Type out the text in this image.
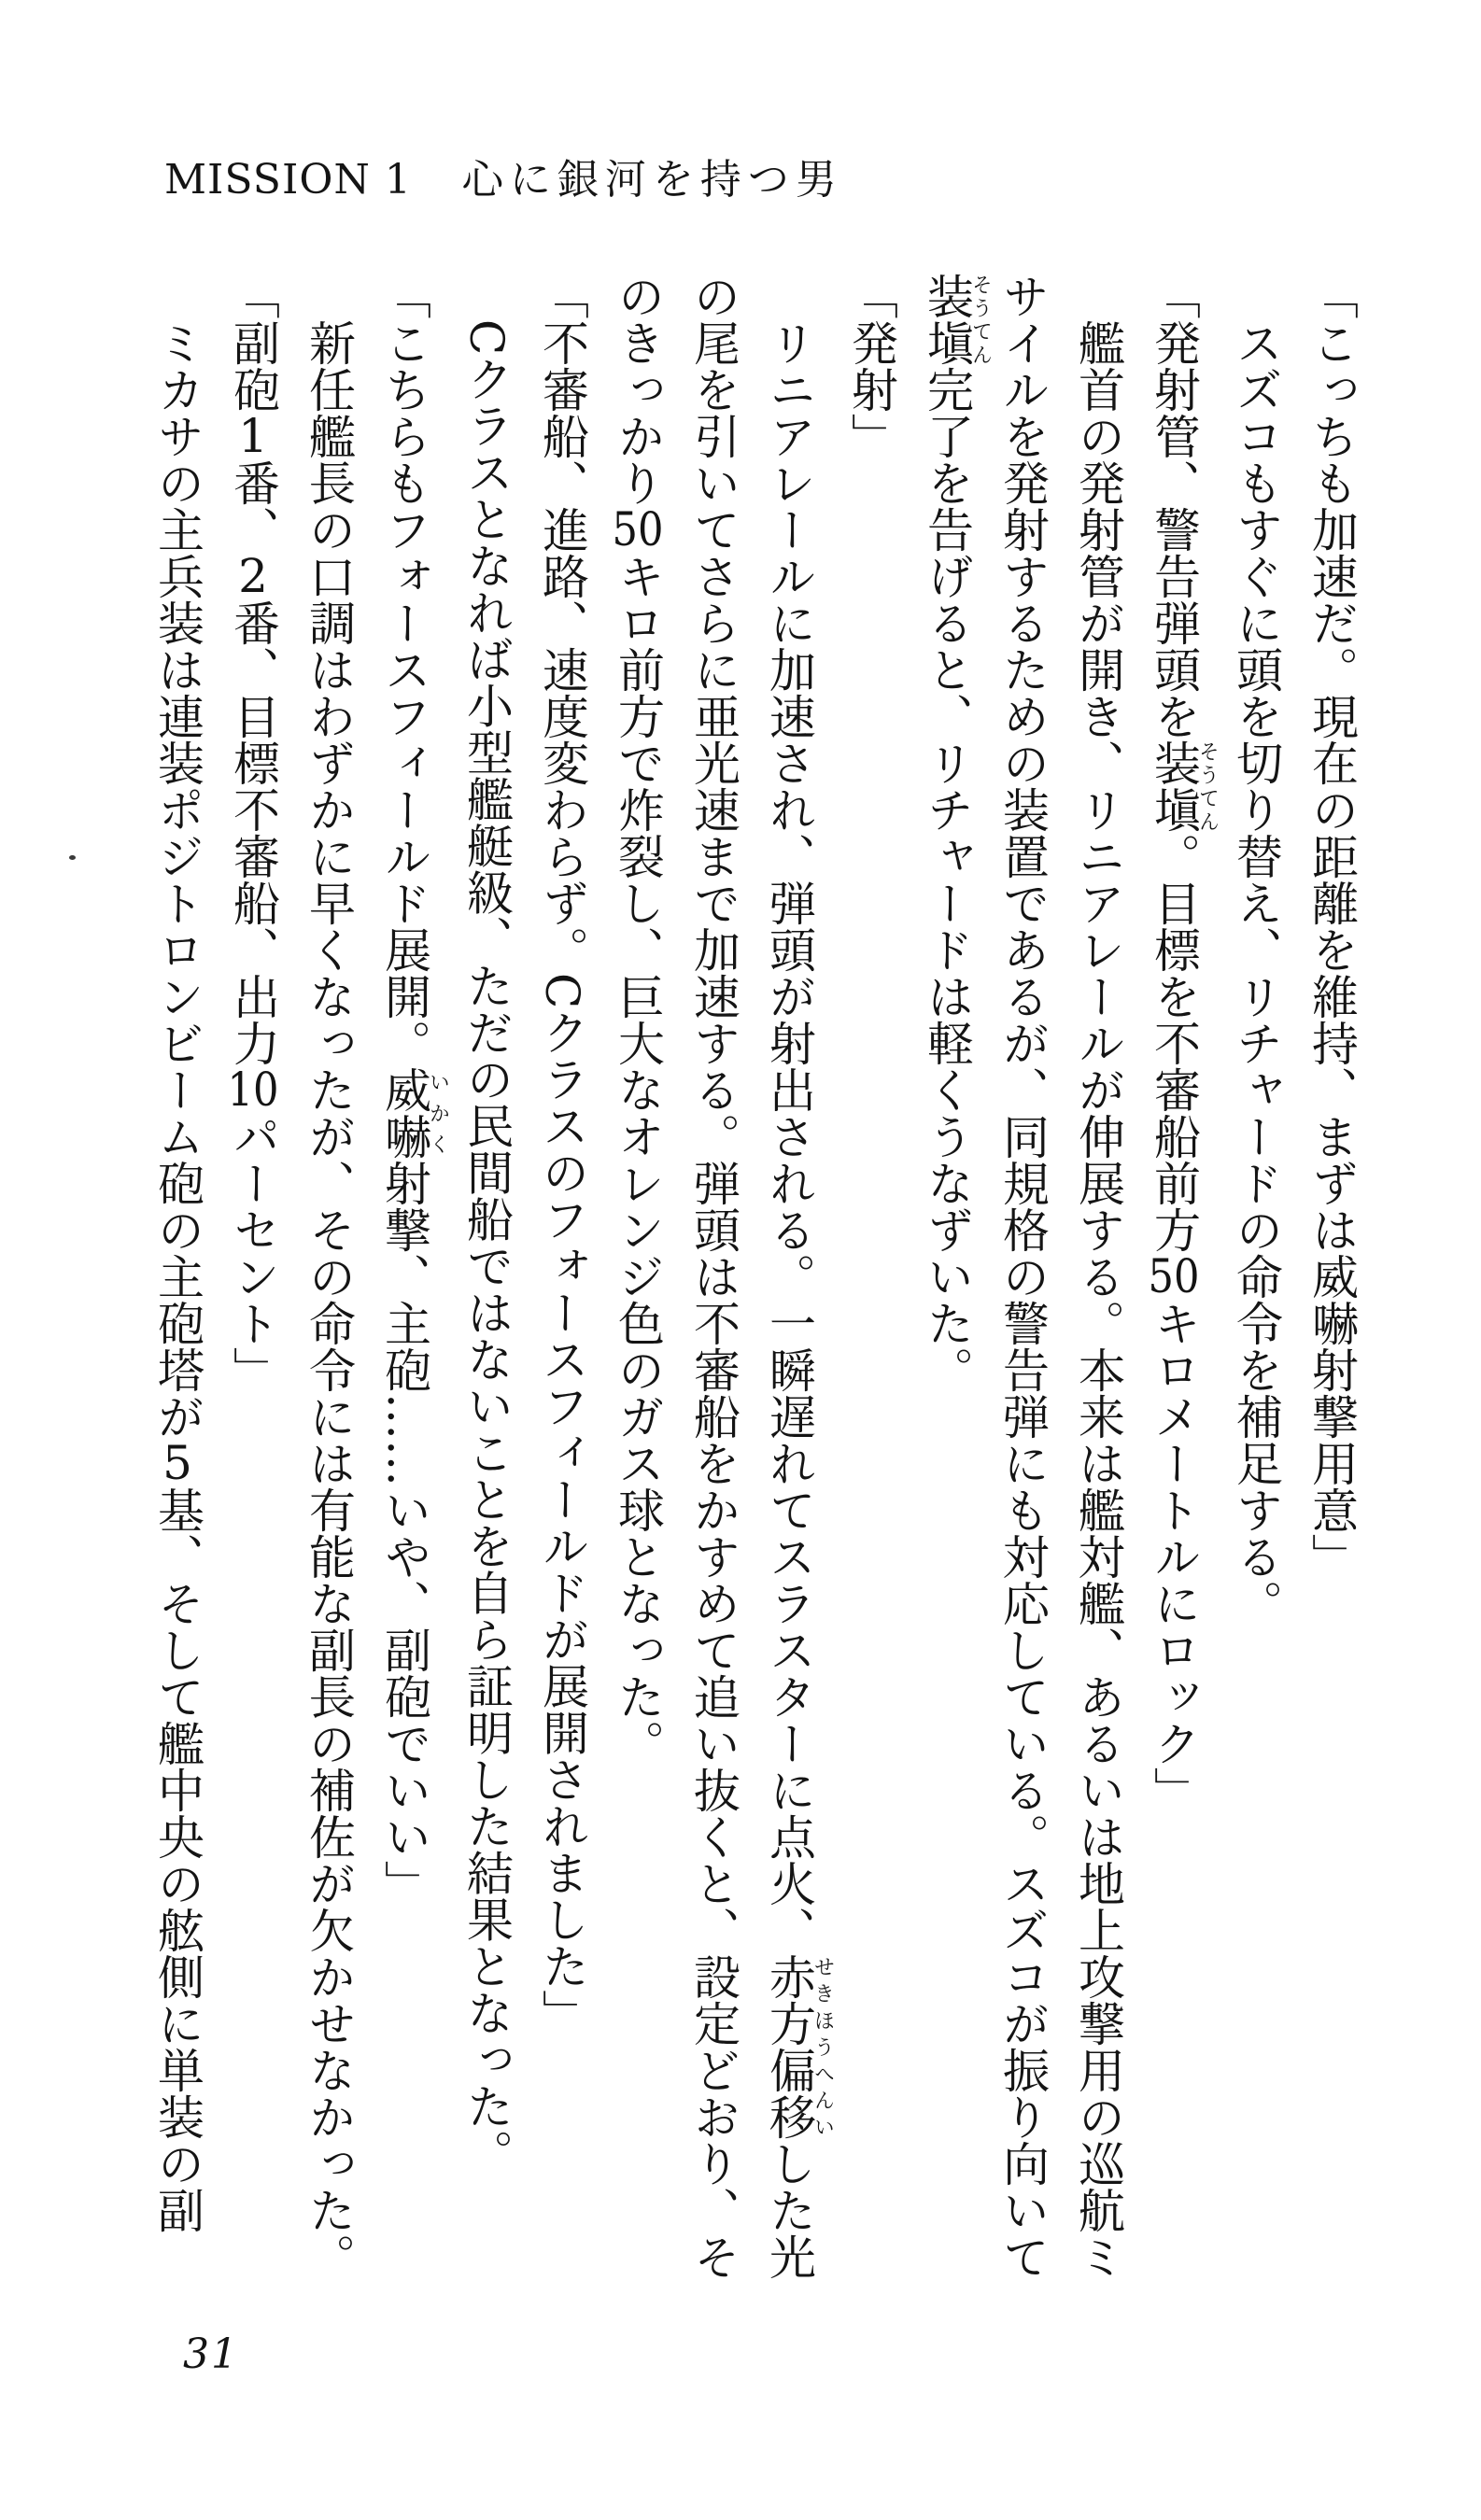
MISSION 1 心に銀河を持つ男

「こっちも加速だ。現在の距離を維持、まずは威嚇射撃用意」

スズコもすぐに頭を切り替え、リチャードの命令を補足する。

「発射管、警告弾頭を装塡そうてん。目標を不審船前方50キロメートルにロック」

艦首の発射管が開き、リニアレールが伸展する。本来は艦対艦、あるいは地上攻撃用の巡航ミサイルを発射するための装置であるが、同規格の警告弾にも対応している。スズコが振り向いて装塡そうてん完了を告げると、リチャードは軽くうなずいた。

「発射」

リニアレールに加速され、弾頭が射出される。一瞬遅れてスラスターに点火、赤方偏移せきほうへんいした光の尾を引いてさらに亜光速まで加速する。弾頭は不審船をかすめて追い抜くと、設定どおり、そのきっかり50キロ前方で炸裂し、巨大なオレンジ色のガス球となった。

「不審船、進路、速度変わらず。Cクラスのフォースフィールドが展開されました」

Cクラスとなれば小型艦艇級、ただの民間船ではないことを自ら証明した結果となった。

「こちらもフォースフィールド展開。威嚇いかく射撃、主砲……いや、副砲でいい」

新任艦長の口調はわずかに早くなったが、その命令には有能な副長の補佐が欠かせなかった。

「副砲1番、2番、目標不審船、出力10パーセント」

ミカサの主兵装は連装ポジトロンビーム砲の主砲塔が5基、そして艦中央の舷側に単装の副

31
